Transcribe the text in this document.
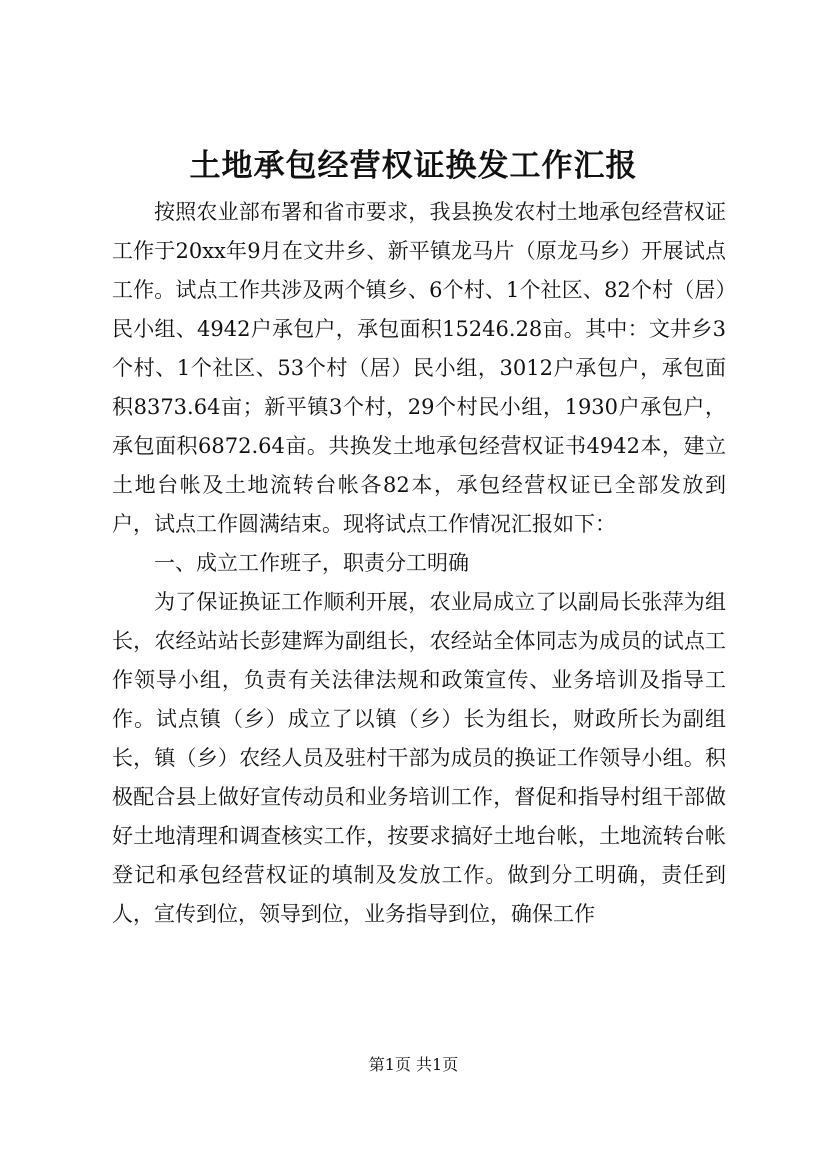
土地承包经营权证换发工作汇报

按照农业部布署和省市要求，我县换发农村土地承包经营权证工作于20xx年9月在文井乡、新平镇龙马片（原龙马乡）开展试点工作。试点工作共涉及两个镇乡、6个村、1个社区、82个村（居）民小组、4942户承包户，承包面积15246.28亩。其中：文井乡3个村、1个社区、53个村（居）民小组，3012户承包户，承包面积8373.64亩；新平镇3个村，29个村民小组，1930户承包户，承包面积6872.64亩。共换发土地承包经营权证书4942本，建立土地台帐及土地流转台帐各82本，承包经营权证已全部发放到户，试点工作圆满结束。现将试点工作情况汇报如下：

一、成立工作班子，职责分工明确

为了保证换证工作顺利开展，农业局成立了以副局长张萍为组长，农经站站长彭建辉为副组长，农经站全体同志为成员的试点工作领导小组，负责有关法律法规和政策宣传、业务培训及指导工作。试点镇（乡）成立了以镇（乡）长为组长，财政所长为副组长，镇（乡）农经人员及驻村干部为成员的换证工作领导小组。积极配合县上做好宣传动员和业务培训工作，督促和指导村组干部做好土地清理和调查核实工作，按要求搞好土地台帐，土地流转台帐登记和承包经营权证的填制及发放工作。做到分工明确，责任到人，宣传到位，领导到位，业务指导到位，确保工作

第1页 共1页
